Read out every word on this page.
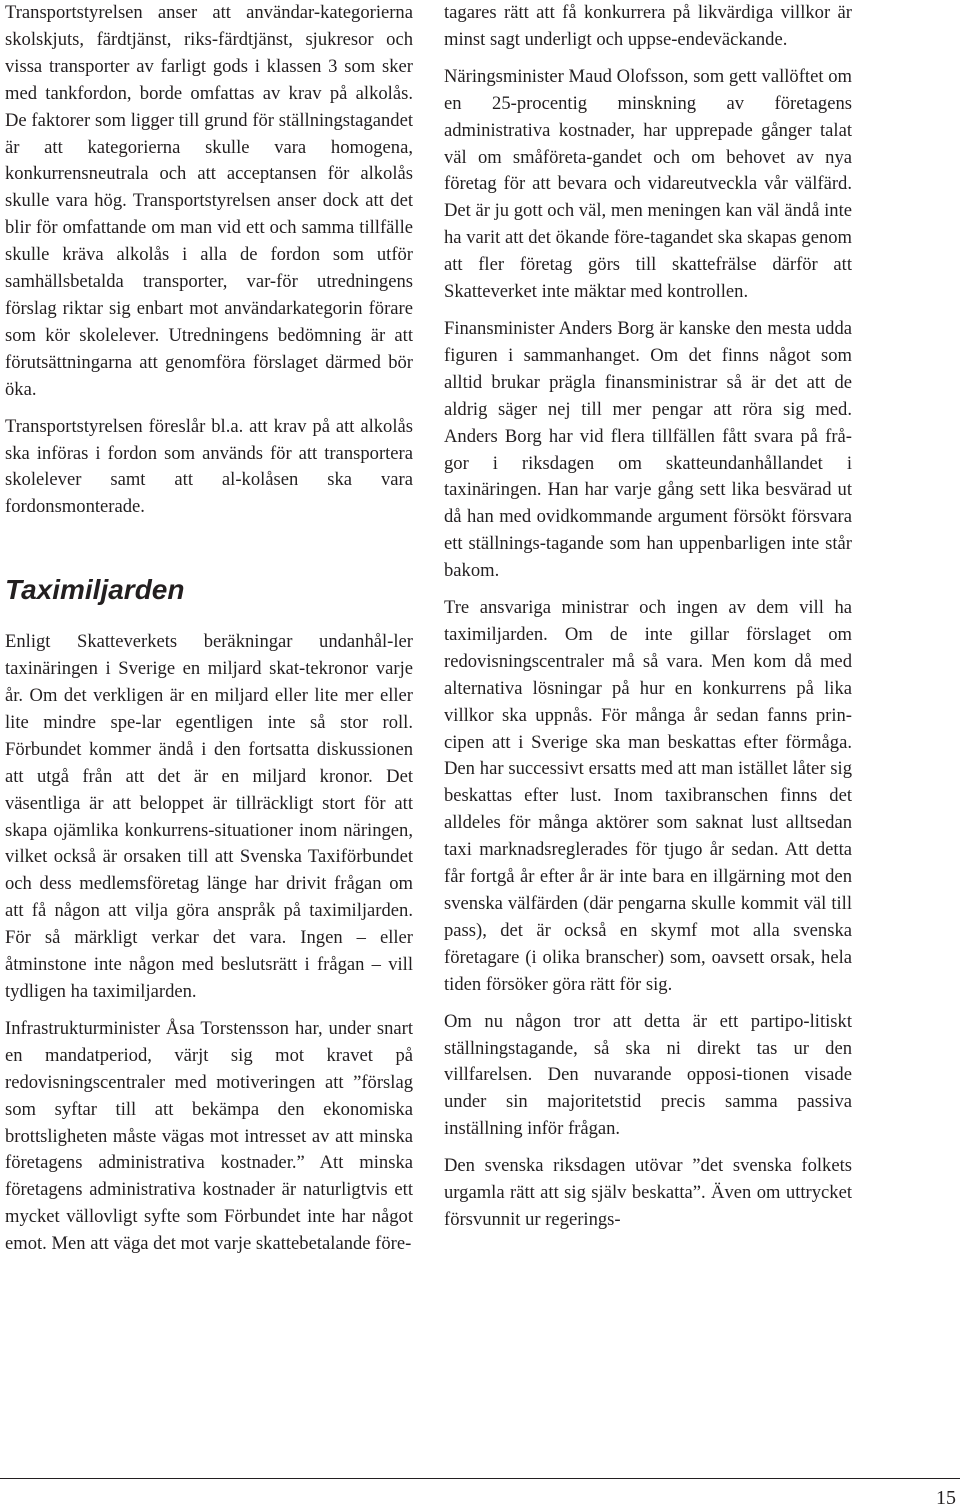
Transportstyrelsen anser att användar-kategorierna skolskjuts, färdtjänst, riks-färdtjänst, sjukresor och vissa transporter av farligt gods i klassen 3 som sker med tankfordon, borde omfattas av krav på alkolås. De faktorer som ligger till grund för ställningstagandet är att kategorierna skulle vara homogena, konkurrensneutrala och att acceptansen för alkolås skulle vara hög. Transportstyrelsen anser dock att det blir för omfattande om man vid ett och samma tillfälle skulle kräva alkolås i alla de fordon som utför samhällsbetalda transporter, var-för utredningens förslag riktar sig enbart mot användarkategorin förare som kör skolelever. Utredningens bedömning är att förutsättningarna att genomföra förslaget därmed bör öka.

Transportstyrelsen föreslår bl.a. att krav på att alkolås ska införas i fordon som används för att transportera skolelever samt att al-kolåsen ska vara fordonsmonterade.

Taximiljarden

Enligt Skatteverkets beräkningar undanhål-ler taxinäringen i Sverige en miljard skat-tekronor varje år. Om det verkligen är en miljard eller lite mer eller lite mindre spe-lar egentligen inte så stor roll. Förbundet kommer ändå i den fortsatta diskussionen att utgå från att det är en miljard kronor. Det väsentliga är att beloppet är tillräckligt stort för att skapa ojämlika konkurrens-situationer inom näringen, vilket också är orsaken till att Svenska Taxiförbundet och dess medlemsföretag länge har drivit frågan om att få någon att vilja göra anspråk på taximiljarden. För så märkligt verkar det vara. Ingen – eller åtminstone inte någon med beslutsrätt i frågan – vill tydligen ha taximiljarden.

Infrastrukturminister Åsa Torstensson har, under snart en mandatperiod, värjt sig mot kravet på redovisningscentraler med motiveringen att ”förslag som syftar till att bekämpa den ekonomiska brottsligheten måste vägas mot intresset av att minska företagens administrativa kostnader.” Att minska företagens administrativa kostnader är naturligtvis ett mycket vällovligt syfte som Förbundet inte har något emot. Men att väga det mot varje skattebetalande före-

tagares rätt att få konkurrera på likvärdiga villkor är minst sagt underligt och uppse-endeväckande.

Näringsminister Maud Olofsson, som gett vallöftet om en 25-procentig minskning av företagens administrativa kostnader, har upprepade gånger talat väl om småföreta-gandet och om behovet av nya företag för att bevara och vidareutveckla vår välfärd. Det är ju gott och väl, men meningen kan väl ändå inte ha varit att det ökande före-tagandet ska skapas genom att fler företag görs till skattefrälse därför att Skatteverket inte mäktar med kontrollen.

Finansminister Anders Borg är kanske den mesta udda figuren i sammanhanget. Om det finns något som alltid brukar prägla finansministrar så är det att de aldrig säger nej till mer pengar att röra sig med. Anders Borg har vid flera tillfällen fått svara på frå-gor i riksdagen om skatteundanhållandet i taxinäringen. Han har varje gång sett lika besvärad ut då han med ovidkommande argument försökt försvara ett ställnings-tagande som han uppenbarligen inte står bakom.

Tre ansvariga ministrar och ingen av dem vill ha taximiljarden. Om de inte gillar förslaget om redovisningscentraler må så vara. Men kom då med alternativa lösningar på hur en konkurrens på lika villkor ska uppnås. För många år sedan fanns prin-cipen att i Sverige ska man beskattas efter förmåga. Den har successivt ersatts med att man istället låter sig beskattas efter lust. Inom taxibranschen finns det alldeles för många aktörer som saknat lust alltsedan taxi marknadsreglerades för tjugo år sedan. Att detta får fortgå år efter år är inte bara en illgärning mot den svenska välfärden (där pengarna skulle kommit väl till pass), det är också en skymf mot alla svenska företagare (i olika branscher) som, oavsett orsak, hela tiden försöker göra rätt för sig.

Om nu någon tror att detta är ett partipo-litiskt ställningstagande, så ska ni direkt tas ur den villfarelsen. Den nuvarande opposi-tionen visade under sin majoritetstid precis samma passiva inställning inför frågan.

Den svenska riksdagen utövar ”det svenska folkets urgamla rätt att sig själv beskatta”. Även om uttrycket försvunnit ur regerings-

15
